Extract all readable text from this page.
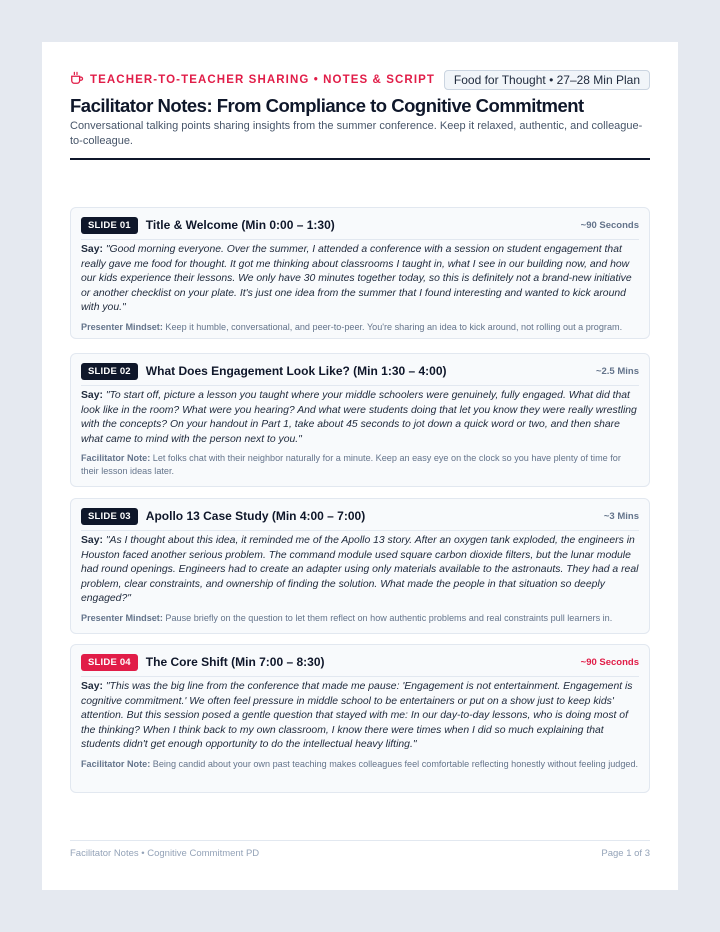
TEACHER-TO-TEACHER SHARING • NOTES & SCRIPT	Food for Thought • 27–28 Min Plan
Facilitator Notes: From Compliance to Cognitive Commitment
Conversational talking points sharing insights from the summer conference. Keep it relaxed, authentic, and colleague-to-colleague.
SLIDE 01	Title & Welcome (Min 0:00 – 1:30)	~90 Seconds
Say: "Good morning everyone. Over the summer, I attended a conference with a session on student engagement that really gave me food for thought. It got me thinking about classrooms I taught in, what I see in our building now, and how our kids experience their lessons. We only have 30 minutes together today, so this is definitely not a brand-new initiative or another checklist on your plate. It's just one idea from the summer that I found interesting and wanted to kick around with you."
Presenter Mindset: Keep it humble, conversational, and peer-to-peer. You're sharing an idea to kick around, not rolling out a program.
SLIDE 02	What Does Engagement Look Like? (Min 1:30 – 4:00)	~2.5 Mins
Say: "To start off, picture a lesson you taught where your middle schoolers were genuinely, fully engaged. What did that look like in the room? What were you hearing? And what were students doing that let you know they were really wrestling with the concepts? On your handout in Part 1, take about 45 seconds to jot down a quick word or two, and then share what came to mind with the person next to you."
Facilitator Note: Let folks chat with their neighbor naturally for a minute. Keep an easy eye on the clock so you have plenty of time for their lesson ideas later.
SLIDE 03	Apollo 13 Case Study (Min 4:00 – 7:00)	~3 Mins
Say: "As I thought about this idea, it reminded me of the Apollo 13 story. After an oxygen tank exploded, the engineers in Houston faced another serious problem. The command module used square carbon dioxide filters, but the lunar module had round openings. Engineers had to create an adapter using only materials available to the astronauts. They had a real problem, clear constraints, and ownership of finding the solution. What made the people in that situation so deeply engaged?"
Presenter Mindset: Pause briefly on the question to let them reflect on how authentic problems and real constraints pull learners in.
SLIDE 04	The Core Shift (Min 7:00 – 8:30)	~90 Seconds
Say: "This was the big line from the conference that made me pause: 'Engagement is not entertainment. Engagement is cognitive commitment.' We often feel pressure in middle school to be entertainers or put on a show just to keep kids' attention. But this session posed a gentle question that stayed with me: In our day-to-day lessons, who is doing most of the thinking? When I think back to my own classroom, I know there were times when I did so much explaining that students didn't get enough opportunity to do the intellectual heavy lifting."
Facilitator Note: Being candid about your own past teaching makes colleagues feel comfortable reflecting honestly without feeling judged.
Facilitator Notes • Cognitive Commitment PD	Page 1 of 3
